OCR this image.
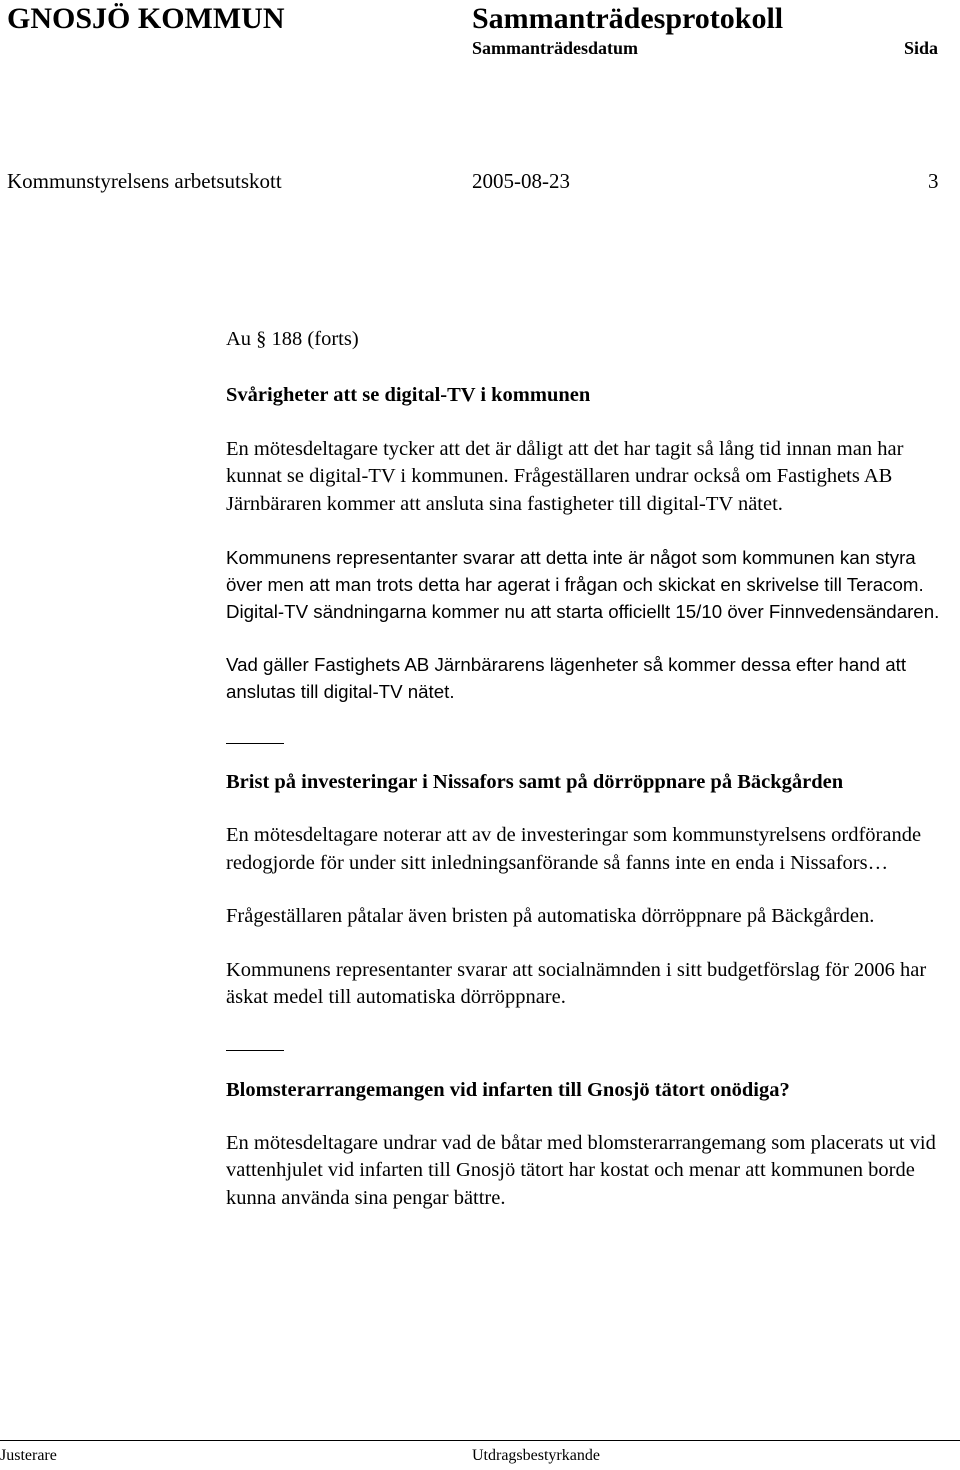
GNOSJÖ KOMMUN	Sammanträdesprotokoll
Sammanträdesdatum	Sida
Kommunstyrelsens arbetsutskott	2005-08-23	3

Au § 188 (forts)

Svårigheter att se digital-TV i kommunen

En mötesdeltagare tycker att det är dåligt att det har tagit så lång tid innan man har kunnat se digital-TV i kommunen. Frågeställaren undrar också om Fastighets AB Järnbäraren kommer att ansluta sina fastigheter till digital-TV nätet.

Kommunens representanter svarar att detta inte är något som kommunen kan styra över men att man trots detta har agerat i frågan och skickat en skrivelse till Teracom. Digital-TV sändningarna kommer nu att starta officiellt 15/10 över Finnvedensändaren.

Vad gäller Fastighets AB Järnbärarens lägenheter så kommer dessa efter hand att anslutas till digital-TV nätet.

Brist på investeringar i Nissafors samt på dörröppnare på Bäckgården

En mötesdeltagare noterar att av de investeringar som kommunstyrelsens ordförande redogjorde för under sitt inledningsanförande så fanns inte en enda i Nissafors…

Frågeställaren påtalar även bristen på automatiska dörröppnare på Bäckgården.

Kommunens representanter svarar att socialnämnden i sitt budgetförslag för 2006 har äskat medel till automatiska dörröppnare.

Blomsterarrangemangen vid infarten till Gnosjö tätort onödiga?

En mötesdeltagare undrar vad de båtar med blomsterarrangemang som placerats ut vid vattenhjulet vid infarten till Gnosjö tätort har kostat och menar att kommunen borde kunna använda sina pengar bättre.

Justerare	Utdragsbestyrkande
